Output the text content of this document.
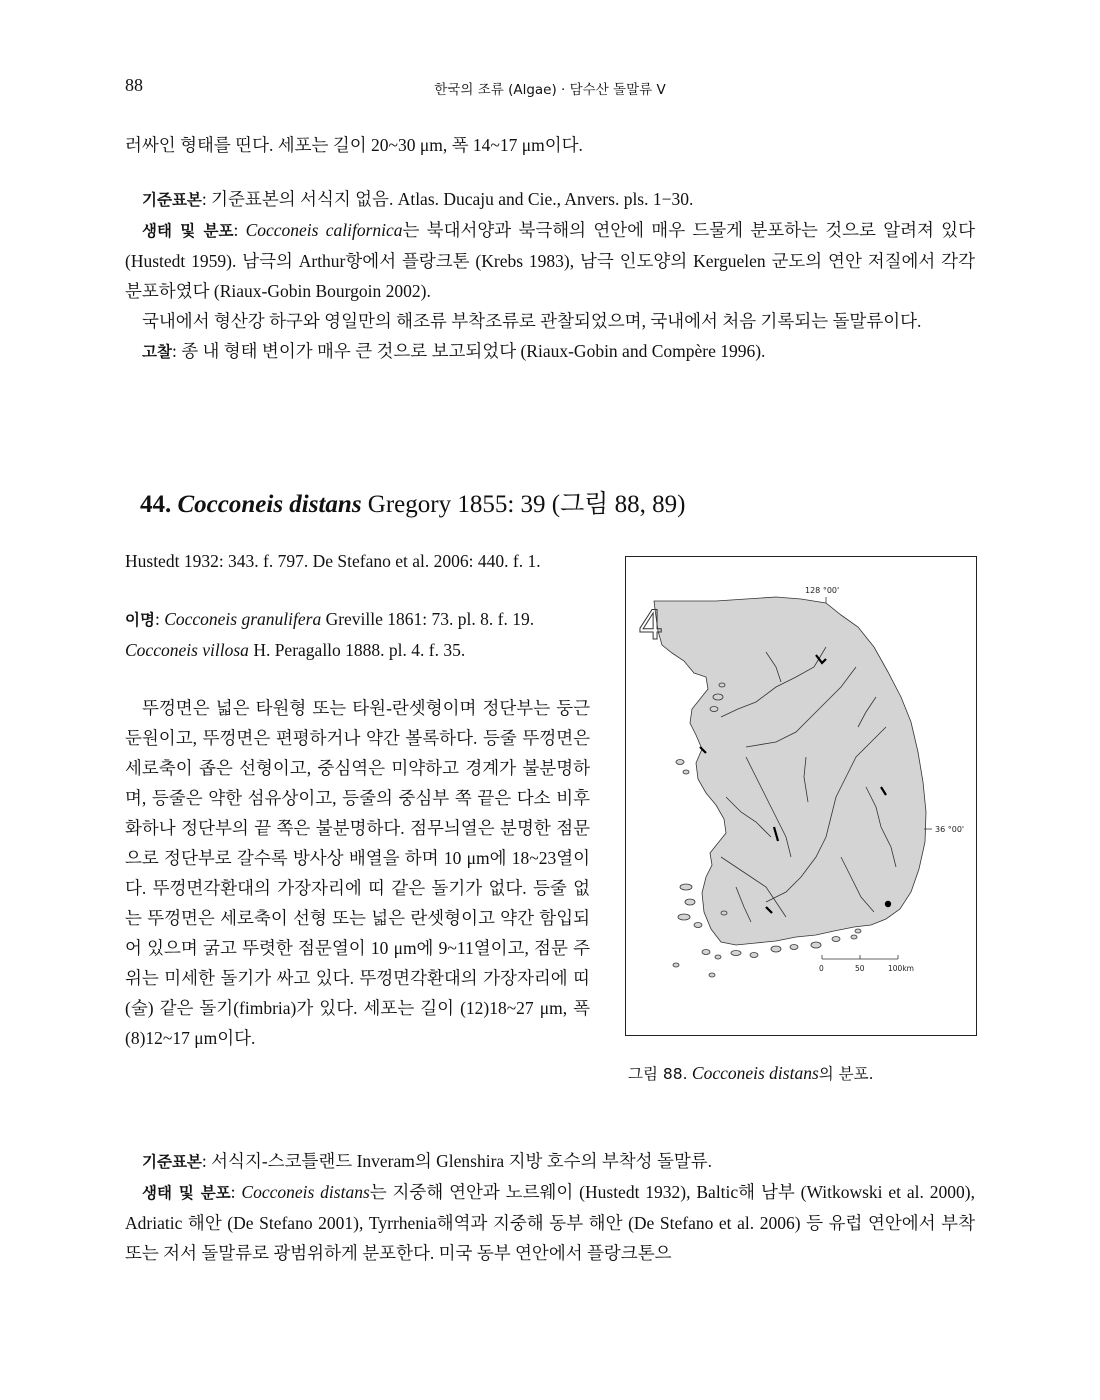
88	한국의 조류 (Algae) · 담수산 돌말류 V

러싸인 형태를 띤다. 세포는 길이 20~30 μm, 폭 14~17 μm이다.

기준표본: 기준표본의 서식지 없음. Atlas. Ducaju and Cie., Anvers. pls. 1−30.

생태 및 분포: Cocconeis californica는 북대서양과 북극해의 연안에 매우 드물게 분포하는 것으로 알려져 있다 (Hustedt 1959). 남극의 Arthur항에서 플랑크톤 (Krebs 1983), 남극 인도양의 Kerguelen 군도의 연안 저질에서 각각 분포하였다 (Riaux-Gobin Bourgoin 2002).

국내에서 형산강 하구와 영일만의 해조류 부착조류로 관찰되었으며, 국내에서 처음 기록되는 돌말류이다.

고찰: 종 내 형태 변이가 매우 큰 것으로 보고되었다 (Riaux-Gobin and Compère 1996).

44. Cocconeis distans Gregory 1855: 39 (그림 88, 89)

Hustedt 1932: 343. f. 797. De Stefano et al. 2006: 440. f. 1.

이명: Cocconeis granulifera Greville 1861: 73. pl. 8. f. 19.
Cocconeis villosa H. Peragallo 1888. pl. 4. f. 35.

뚜껑면은 넓은 타원형 또는 타원-란셋형이며 정단부는 둥근 둔원이고, 뚜껑면은 편평하거나 약간 볼록하다. 등줄 뚜껑면은 세로축이 좁은 선형이고, 중심역은 미약하고 경계가 불분명하며, 등줄은 약한 섬유상이고, 등줄의 중심부 쪽 끝은 다소 비후화하나 정단부의 끝 쪽은 불분명하다. 점무늬열은 분명한 점문으로 정단부로 갈수록 방사상 배열을 하며 10 μm에 18~23열이다. 뚜껑면각환대의 가장자리에 띠 같은 돌기가 없다. 등줄 없는 뚜껑면은 세로축이 선형 또는 넓은 란셋형이고 약간 함입되어 있으며 굵고 뚜렷한 점문열이 10 μm에 9~11열이고, 점문 주위는 미세한 돌기가 싸고 있다. 뚜껑면각환대의 가장자리에 띠(술) 같은 돌기(fimbria)가 있다. 세포는 길이 (12)18~27 μm, 폭 (8)12~17 μm이다.

4
128 °00'
36 °00'
0	50	100km
그림 88. Cocconeis distans의 분포.

기준표본: 서식지-스코틀랜드 Inveram의 Glenshira 지방 호수의 부착성 돌말류.

생태 및 분포: Cocconeis distans는 지중해 연안과 노르웨이 (Hustedt 1932), Baltic해 남부 (Witkowski et al. 2000), Adriatic 해안 (De Stefano 2001), Tyrrhenia해역과 지중해 동부 해안 (De Stefano et al. 2006) 등 유럽 연안에서 부착 또는 저서 돌말류로 광범위하게 분포한다. 미국 동부 연안에서 플랑크톤으
